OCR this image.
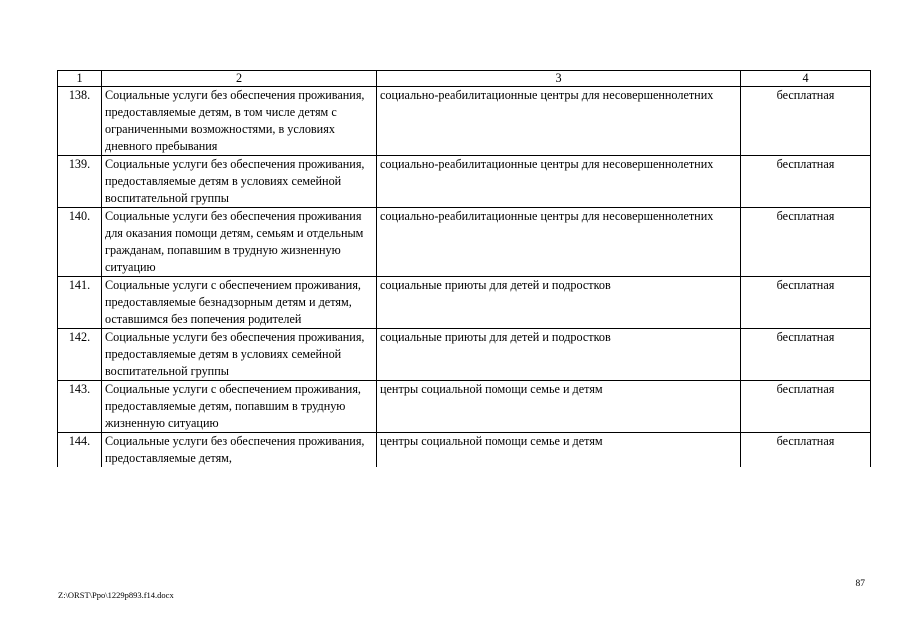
1	2	3	4
138.	Социальные услуги без обеспечения проживания, предоставляемые детям, в том числе детям с ограниченными возможностями, в условиях дневного пребывания	социально-реабилитационные центры для несовершеннолетних	бесплатная
139.	Социальные услуги без обеспечения проживания, предоставляемые детям в условиях семейной воспитательной группы	социально-реабилитационные центры для несовершеннолетних	бесплатная
140.	Социальные услуги без обеспечения проживания для оказания помощи детям, семьям и отдельным гражданам, попавшим в трудную жизненную ситуацию	социально-реабилитационные центры для несовершеннолетних	бесплатная
141.	Социальные услуги с обеспечением проживания, предоставляемые безнадзорным детям и детям, оставшимся без попечения родителей	социальные приюты для детей и подростков	бесплатная
142.	Социальные услуги без обеспечения проживания, предоставляемые детям в условиях семейной воспитательной группы	социальные приюты для детей и подростков	бесплатная
143.	Социальные услуги с обеспечением проживания, предоставляемые детям, попавшим в трудную жизненную ситуацию	центры социальной помощи семье и детям	бесплатная
144.	Социальные услуги без обеспечения проживания, предоставляемые детям,	центры социальной помощи семье и детям	бесплатная
87
Z:\ORST\Ppo\1229p893.f14.docx
